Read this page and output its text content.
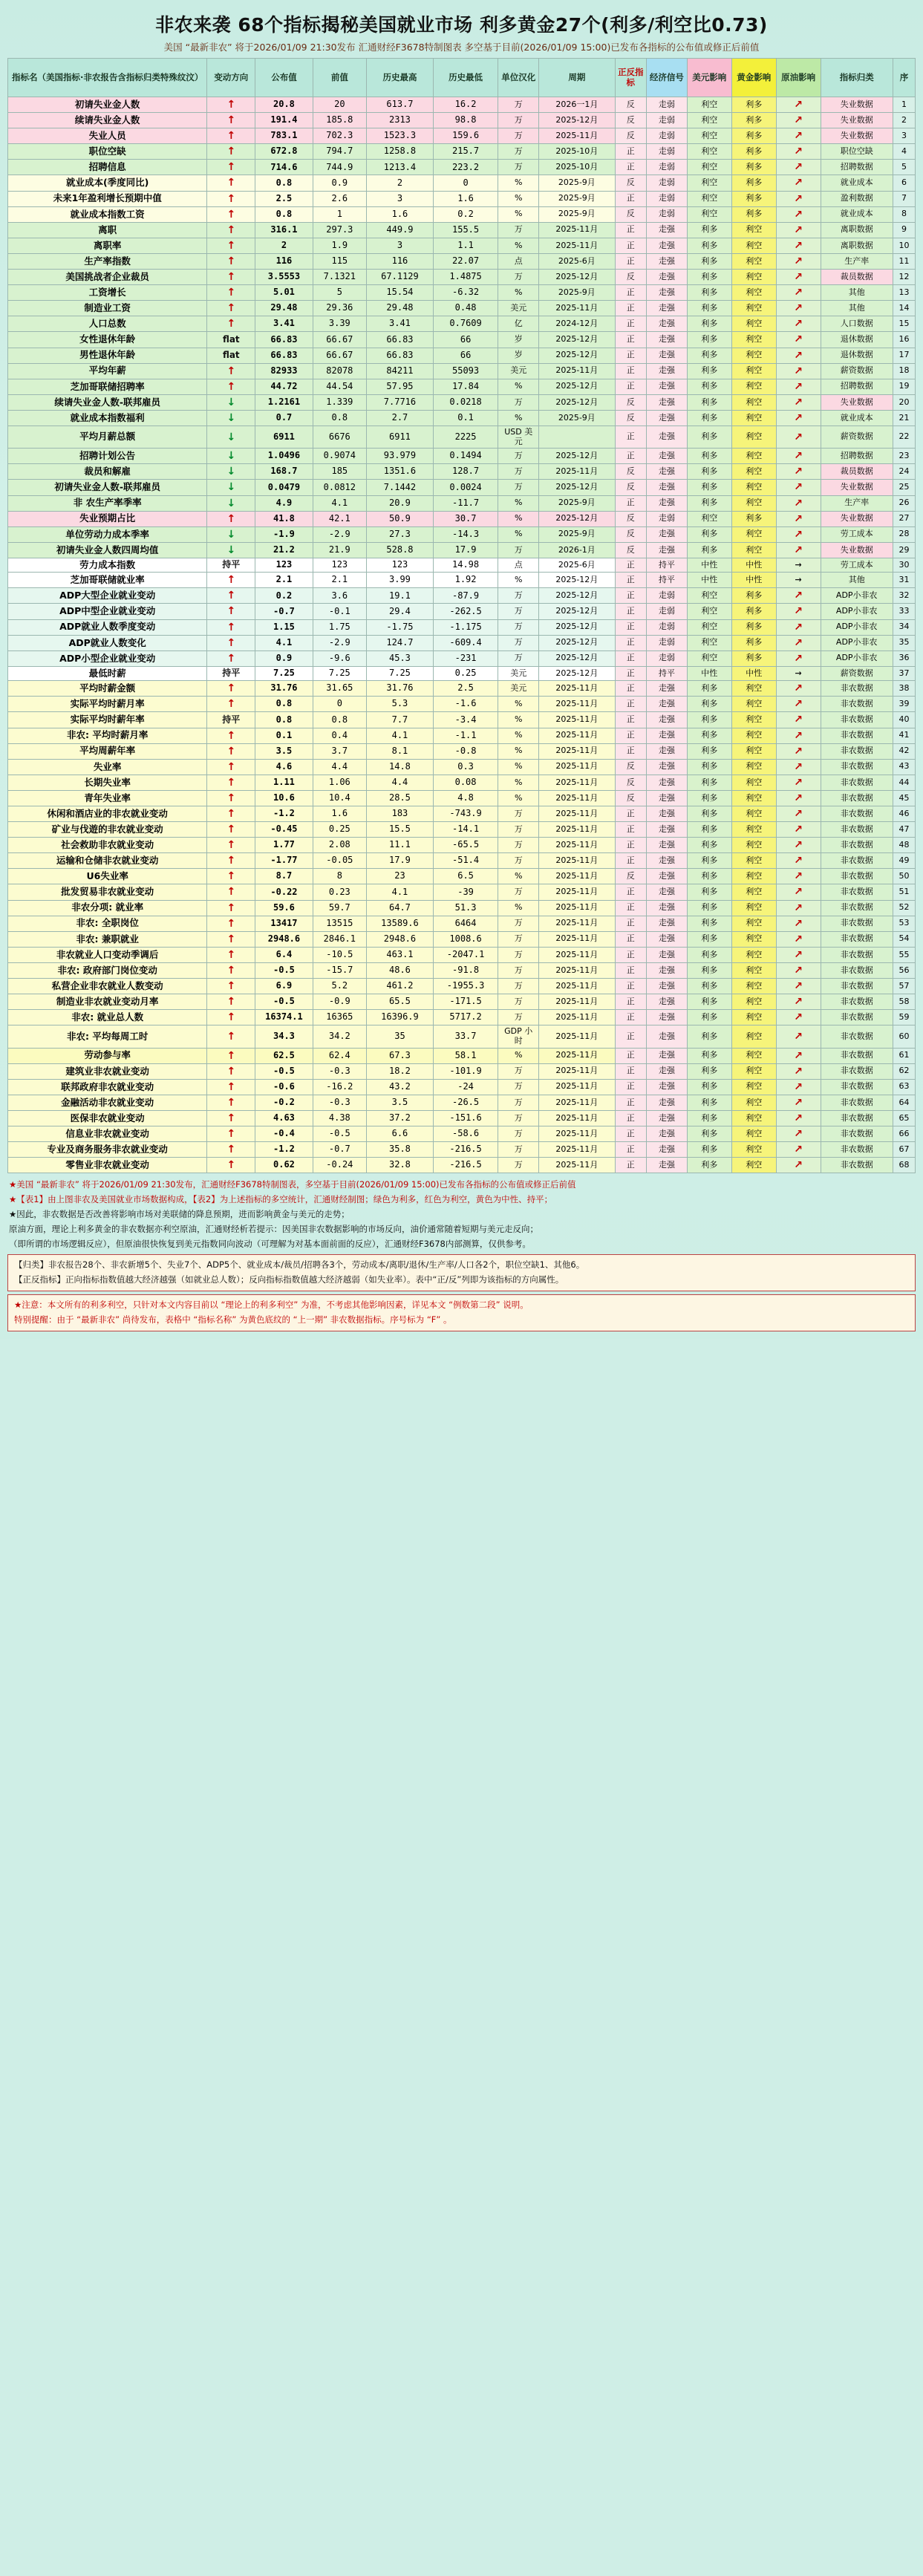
非农来袭 68个指标揭秘美国就业市场 利多黄金27个(利多/利空比0.73)
美国 “最新非农” 将于2026/01/09 21:30发布 汇通财经F3678特制图表 多空基于目前(2026/01/09 15:00)已发布各指标的公布值或修正后前值
指标名（美国指标·非农报告含指标归类特殊纹汶）	变动方向	公布值	前值	历史最高	历史最低	单位汉化	周期	正反指标	经济信号	美元影响	黄金影响	原油影响	指标归类	序
初请失业金人数	↑	20.8	20	613.7	16.2	万	2026一1月	反	走弱	利空	利多	↗	失业数据	1
续请失业金人数	↑	191.4	185.8	2313	98.8	万	2025-12月	反	走弱	利空	利多	↗	失业数据	2
失业人员	↑	783.1	702.3	1523.3	159.6	万	2025-11月	反	走弱	利空	利多	↗	失业数据	3
职位空缺	↑	672.8	794.7	1258.8	215.7	万	2025-10月	正	走弱	利空	利多	↗	职位空缺	4
招聘信息	↑	714.6	744.9	1213.4	223.2	万	2025-10月	正	走弱	利空	利多	↗	招聘数据	5
就业成本(季度同比)	↑	0.8	0.9	2	0	%	2025-9月	反	走弱	利空	利多	↗	就业成本	6
未来1年盈利增长预期中值	↑	2.5	2.6	3	1.6	%	2025-9月	正	走弱	利空	利多	↗	盈利数据	7
就业成本指数工资	↑	0.8	1	1.6	0.2	%	2025-9月	反	走弱	利空	利多	↗	就业成本	8
离职	↑	316.1	297.3	449.9	155.5	万	2025-11月	正	走强	利多	利空	↗	离职数据	9
离职率	↑	2	1.9	3	1.1	%	2025-11月	正	走强	利多	利空	↗	离职数据	10
生产率指数	↑	116	115	116	22.07	点	2025-6月	正	走强	利多	利空	↗	生产率	11
美国挑战者企业裁员	↑	3.5553	7.1321	67.1129	1.4875	万	2025-12月	反	走强	利多	利空	↗	裁员数据	12
工资增长	↑	5.01	5	15.54	-6.32	%	2025-9月	正	走强	利多	利空	↗	其他	13
制造业工资	↑	29.48	29.36	29.48	0.48	美元	2025-11月	正	走强	利多	利空	↗	其他	14
人口总数	↑	3.41	3.39	3.41	0.7609	亿	2024-12月	正	走强	利多	利空	↗	人口数据	15
女性退休年龄	flat	66.83	66.67	66.83	66	岁	2025-12月	正	走强	利多	利空	↗	退休数据	16
男性退休年龄	flat	66.83	66.67	66.83	66	岁	2025-12月	正	走强	利多	利空	↗	退休数据	17
平均年薪	↑	82933	82078	84211	55093	美元	2025-11月	正	走强	利多	利空	↗	薪资数据	18
芝加哥联储招聘率	↑	44.72	44.54	57.95	17.84	%	2025-12月	正	走强	利多	利空	↗	招聘数据	19
续请失业金人数-联邦雇员	↓	1.2161	1.339	7.7716	0.0218	万	2025-12月	反	走强	利多	利空	↗	失业数据	20
就业成本指数福利	↓	0.7	0.8	2.7	0.1	%	2025-9月	反	走强	利多	利空	↗	就业成本	21
平均月薪总额	↓	6911	6676	6911	2225	USD 美元		正	走强	利多	利空	↗	薪资数据	22
招聘计划公告	↓	1.0496	0.9074	93.979	0.1494	万	2025-12月	正	走强	利多	利空	↗	招聘数据	23
裁员和解雇	↓	168.7	185	1351.6	128.7	万	2025-11月	反	走强	利多	利空	↗	裁员数据	24
初请失业金人数-联邦雇员	↓	0.0479	0.0812	7.1442	0.0024	万	2025-12月	反	走强	利多	利空	↗	失业数据	25
非 农生产率季率	↓	4.9	4.1	20.9	-11.7	%	2025-9月	正	走强	利多	利空	↗	生产率	26
失业预期占比	↑	41.8	42.1	50.9	30.7	%	2025-12月	反	走弱	利空	利多	↗	失业数据	27
单位劳动力成本季率	↓	-1.9	-2.9	27.3	-14.3	%	2025-9月	反	走强	利多	利空	↗	劳工成本	28
初请失业金人数四周均值	↓	21.2	21.9	528.8	17.9	万	2026-1月	反	走强	利多	利空	↗	失业数据	29
劳力成本指数	持平	123	123	123	14.98	点	2025-6月	正	持平	中性	中性	→	劳工成本	30
芝加哥联储就业率	↑	2.1	2.1	3.99	1.92	%	2025-12月	正	持平	中性	中性	→	其他	31
ADP大型企业就业变动	↑	0.2	3.6	19.1	-87.9	万	2025-12月	正	走弱	利空	利多	↗	ADP小非农	32
ADP中型企业就业变动	↑	-0.7	-0.1	29.4	-262.5	万	2025-12月	正	走弱	利空	利多	↗	ADP小非农	33
ADP就业人数季度变动	↑	1.15	1.75	-1.75	-1.175	万	2025-12月	正	走弱	利空	利多	↗	ADP小非农	34
ADP就业人数变化	↑	4.1	-2.9	124.7	-609.4	万	2025-12月	正	走弱	利空	利多	↗	ADP小非农	35
ADP小型企业就业变动	↑	0.9	-9.6	45.3	-231	万	2025-12月	正	走弱	利空	利多	↗	ADP小非农	36
最低时薪	持平	7.25	7.25	7.25	0.25	美元	2025-12月	正	持平	中性	中性	→	薪资数据	37
平均时薪金额	↑	31.76	31.65	31.76	2.5	美元	2025-11月	正	走强	利多	利空	↗	非农数据	38
实际平均时薪月率	↑	0.8	0	5.3	-1.6	%	2025-11月	正	走强	利多	利空	↗	非农数据	39
实际平均时薪年率	持平	0.8	0.8	7.7	-3.4	%	2025-11月	正	走强	利多	利空	↗	非农数据	40
非农: 平均时薪月率	↑	0.1	0.4	4.1	-1.1	%	2025-11月	正	走强	利多	利空	↗	非农数据	41
平均周薪年率	↑	3.5	3.7	8.1	-0.8	%	2025-11月	正	走强	利多	利空	↗	非农数据	42
失业率	↑	4.6	4.4	14.8	0.3	%	2025-11月	反	走强	利多	利空	↗	非农数据	43
长期失业率	↑	1.11	1.06	4.4	0.08	%	2025-11月	反	走强	利多	利空	↗	非农数据	44
青年失业率	↑	10.6	10.4	28.5	4.8	%	2025-11月	反	走强	利多	利空	↗	非农数据	45
休闲和酒店业的非农就业变动	↑	-1.2	1.6	183	-743.9	万	2025-11月	正	走强	利多	利空	↗	非农数据	46
矿业与伐遊的非农就业变动	↑	-0.45	0.25	15.5	-14.1	万	2025-11月	正	走强	利多	利空	↗	非农数据	47
社会救助非农就业变动	↑	1.77	2.08	11.1	-65.5	万	2025-11月	正	走强	利多	利空	↗	非农数据	48
运输和仓储非农就业变动	↑	-1.77	-0.05	17.9	-51.4	万	2025-11月	正	走强	利多	利空	↗	非农数据	49
U6失业率	↑	8.7	8	23	6.5	%	2025-11月	反	走强	利多	利空	↗	非农数据	50
批发贸易非农就业变动	↑	-0.22	0.23	4.1	-39	万	2025-11月	正	走强	利多	利空	↗	非农数据	51
非农分项: 就业率	↑	59.6	59.7	64.7	51.3	%	2025-11月	正	走强	利多	利空	↗	非农数据	52
非农: 全职岗位	↑	13417	13515	13589.6	6464	万	2025-11月	正	走强	利多	利空	↗	非农数据	53
非农: 兼职就业	↑	2948.6	2846.1	2948.6	1008.6	万	2025-11月	正	走强	利多	利空	↗	非农数据	54
非农就业人口变动季调后	↑	6.4	-10.5	463.1	-2047.1	万	2025-11月	正	走强	利多	利空	↗	非农数据	55
非农: 政府部门岗位变动	↑	-0.5	-15.7	48.6	-91.8	万	2025-11月	正	走强	利多	利空	↗	非农数据	56
私营企业非农就业人数变动	↑	6.9	5.2	461.2	-1955.3	万	2025-11月	正	走强	利多	利空	↗	非农数据	57
制造业非农就业变动月率	↑	-0.5	-0.9	65.5	-171.5	万	2025-11月	正	走强	利多	利空	↗	非农数据	58
非农: 就业总人数	↑	16374.1	16365	16396.9	5717.2	万	2025-11月	正	走强	利多	利空	↗	非农数据	59
非农: 平均每周工时	↑	34.3	34.2	35	33.7	GDP 小时	2025-11月	正	走强	利多	利空	↗	非农数据	60
劳动参与率	↑	62.5	62.4	67.3	58.1	%	2025-11月	正	走强	利多	利空	↗	非农数据	61
建筑业非农就业变动	↑	-0.5	-0.3	18.2	-101.9	万	2025-11月	正	走强	利多	利空	↗	非农数据	62
联邦政府非农就业变动	↑	-0.6	-16.2	43.2	-24	万	2025-11月	正	走强	利多	利空	↗	非农数据	63
金融活动非农就业变动	↑	-0.2	-0.3	3.5	-26.5	万	2025-11月	正	走强	利多	利空	↗	非农数据	64
医保非农就业变动	↑	4.63	4.38	37.2	-151.6	万	2025-11月	正	走强	利多	利空	↗	非农数据	65
信息业非农就业变动	↑	-0.4	-0.5	6.6	-58.6	万	2025-11月	正	走强	利多	利空	↗	非农数据	66
专业及商务服务非农就业变动	↑	-1.2	-0.7	35.8	-216.5	万	2025-11月	正	走强	利多	利空	↗	非农数据	67
零售业非农就业变动	↑	0.62	-0.24	32.8	-216.5	万	2025-11月	正	走强	利多	利空	↗	非农数据	68
★美国 “最新非农” 将于2026/01/09 21:30发布，汇通财经F3678特制图表，多空基于目前(2026/01/09 15:00)已发布各指标的公布值或修正后前值
★【表1】由上图非农及美国就业市场数据构成，【表2】为上述指标的多空统计，汇通财经制图；绿色为利多，红色为利空，黄色为中性、持平；
★因此，非农数据是否改善将影响市场对美联储的降息预期，进而影响黄金与美元的走势；
原油方面，理论上利多黄金的非农数据亦利空原油，汇通财经析若提示：因美国非农数据影响的市场反向，油价通常随着短期与美元走反向；
（即所谓的市场逻辑反应），但原油很快恢复到美元指数同向波动（可理解为对基本面前面的反应），汇通财经F3678内部测算，仅供参考。
【归类】非农报告28个、非农新增5个、失业7个、ADP5个、就业成本/裁员/招聘各3个，劳动成本/离职/退休/生产率/人口各2个，职位空缺1、其他6。
【正反指标】正向指标指数值越大经济越强（如就业总人数）；反向指标指数值越大经济越弱（如失业率）。表中“正/反”列即为该指标的方向属性。
★注意：本文所有的利多利空，只针对本文内容目前以 “理论上的利多利空” 为准，不考虑其他影响因素，详见本文 “例数第二段” 说明。
特别提醒：由于 “最新非农” 尚待发布，表格中 “指标名称” 为黄色底纹的 “上一期” 非农数据指标。序号标为 “F” 。
